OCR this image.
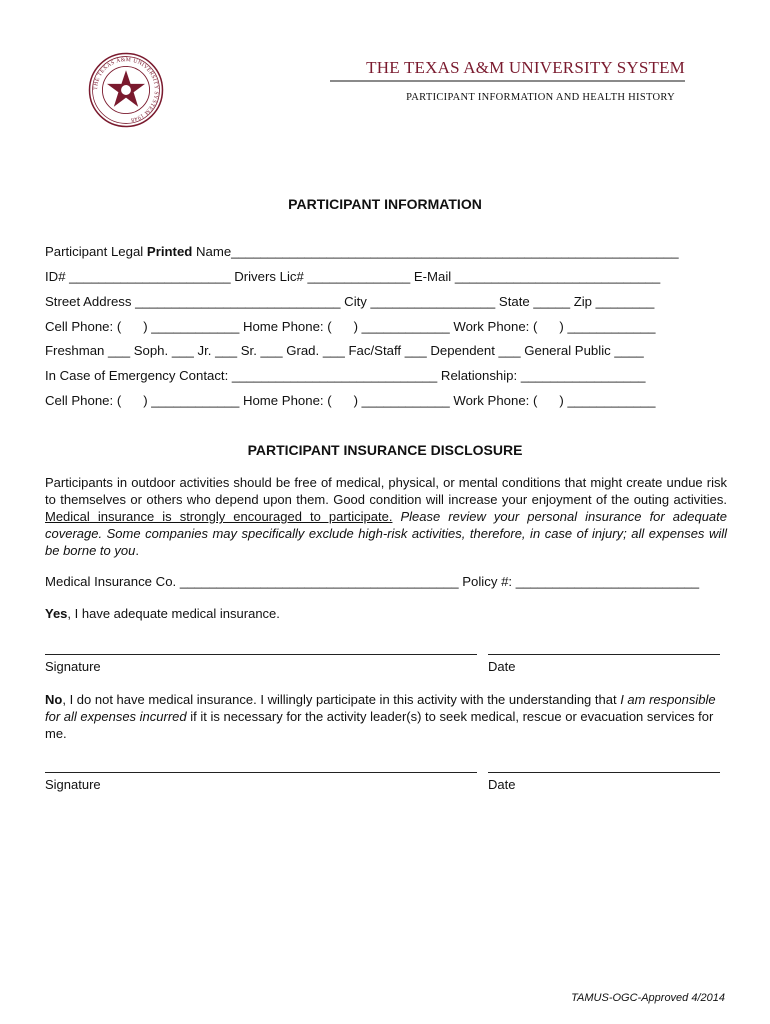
THE TEXAS A&M UNIVERSITY SYSTEM 1948
THE TEXAS A&M UNIVERSITY SYSTEM
PARTICIPANT INFORMATION AND HEALTH HISTORY
PARTICIPANT INFORMATION
Participant Legal Printed Name_____________________________________________________________
ID# ______________________ Drivers Lic# ______________ E-Mail ____________________________
Street Address ____________________________ City _________________ State _____ Zip ________
Cell Phone: (      ) ____________ Home Phone: (      ) ____________ Work Phone: (      ) ____________
Freshman ___ Soph. ___ Jr. ___ Sr. ___ Grad. ___ Fac/Staff ___ Dependent ___ General Public ____
In Case of Emergency Contact: ____________________________ Relationship: _________________
Cell Phone: (      ) ____________ Home Phone: (      ) ____________ Work Phone: (      ) ____________
PARTICIPANT INSURANCE DISCLOSURE
Participants in outdoor activities should be free of medical, physical, or mental conditions that might create undue risk to themselves or others who depend upon them. Good condition will increase your enjoyment of the outing activities. Medical insurance is strongly encouraged to participate. Please review your personal insurance for adequate coverage. Some companies may specifically exclude high-risk activities, therefore, in case of injury; all expenses will be borne to you.
Medical Insurance Co. ______________________________________ Policy #: _________________________
Yes, I have adequate medical insurance.
Signature	Date
No, I do not have medical insurance. I willingly participate in this activity with the understanding that I am responsible for all expenses incurred if it is necessary for the activity leader(s) to seek medical, rescue or evacuation services for me.
Signature	Date
TAMUS-OGC-Approved 4/2014
